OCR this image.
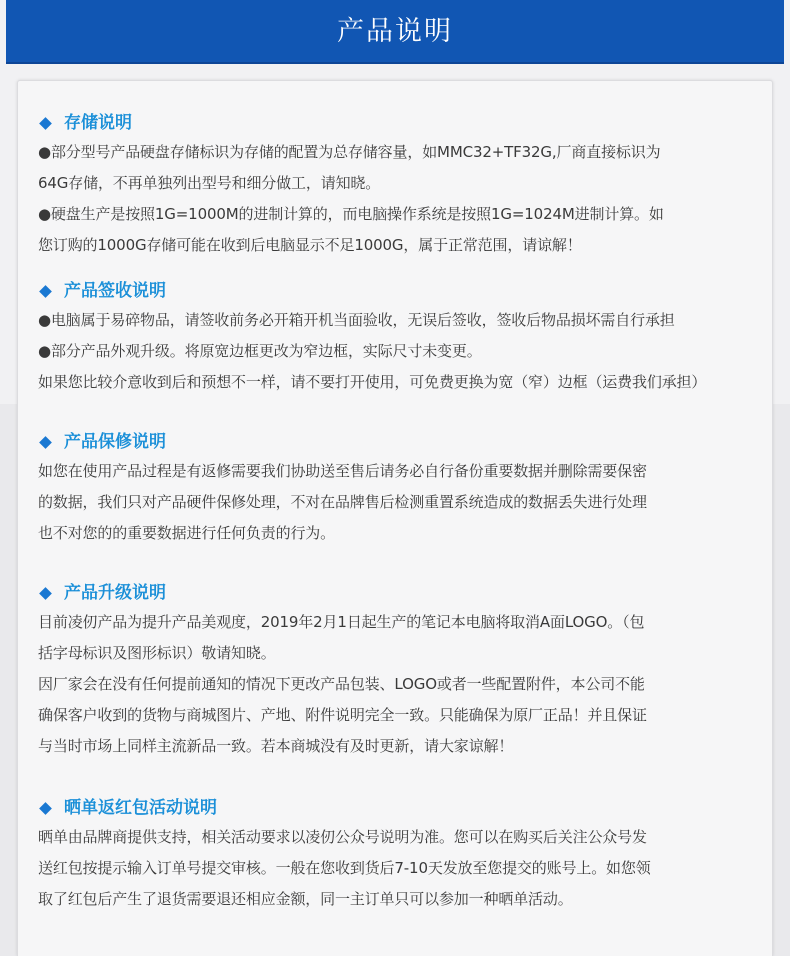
产品说明
存储说明
●部分型号产品硬盘存储标识为存储的配置为总存储容量，如MMC32+TF32G,厂商直接标识为
64G存储，不再单独列出型号和细分做工，请知晓。
●硬盘生产是按照1G=1000M的进制计算的，而电脑操作系统是按照1G=1024M进制计算。如
您订购的1000G存储可能在收到后电脑显示不足1000G，属于正常范围，请谅解！
产品签收说明
●电脑属于易碎物品，请签收前务必开箱开机当面验收，无误后签收，签收后物品损坏需自行承担
●部分产品外观升级。将原宽边框更改为窄边框，实际尺寸未变更。
如果您比较介意收到后和预想不一样，请不要打开使用，可免费更换为宽（窄）边框（运费我们承担）
产品保修说明
如您在使用产品过程是有返修需要我们协助送至售后请务必自行备份重要数据并删除需要保密
的数据，我们只对产品硬件保修处理，不对在品牌售后检测重置系统造成的数据丢失进行处理
也不对您的的重要数据进行任何负责的行为。
产品升级说明
目前凌仞产品为提升产品美观度，2019年2月1日起生产的笔记本电脑将取消A面LOGO。（包
括字母标识及图形标识）敬请知晓。
因厂家会在没有任何提前通知的情况下更改产品包装、LOGO或者一些配置附件，本公司不能
确保客户收到的货物与商城图片、产地、附件说明完全一致。只能确保为原厂正品！并且保证
与当时市场上同样主流新品一致。若本商城没有及时更新，请大家谅解！
晒单返红包活动说明
晒单由品牌商提供支持，相关活动要求以凌仞公众号说明为准。您可以在购买后关注公众号发
送红包按提示输入订单号提交审核。一般在您收到货后7-10天发放至您提交的账号上。如您领
取了红包后产生了退货需要退还相应金额，同一主订单只可以参加一种晒单活动。
